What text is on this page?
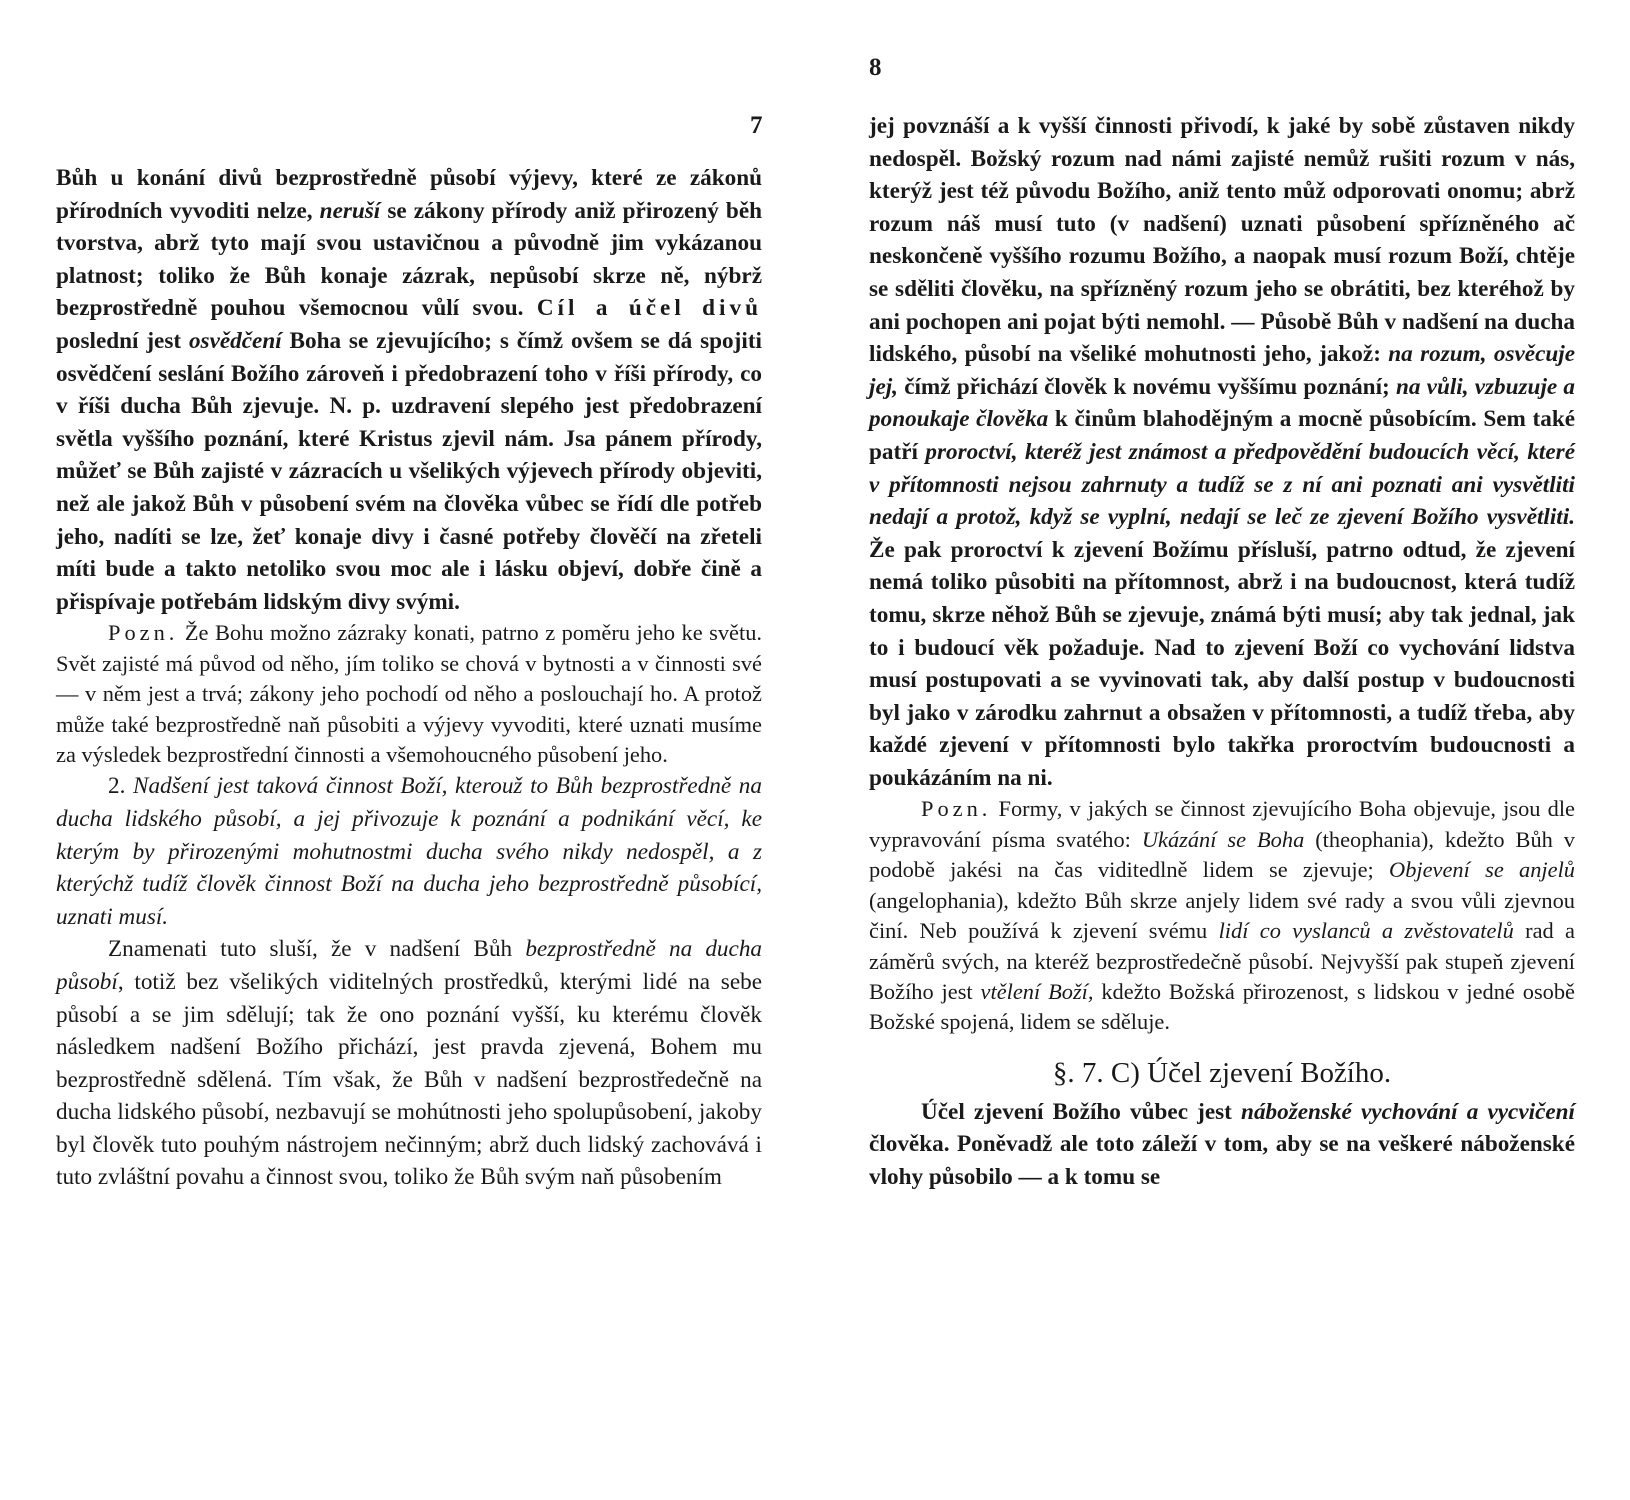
7

Bůh u konání divů bezprostředně působí výjevy, které ze zákonů přírodních vyvoditi nelze, neruší se zákony přírody aniž přirozený běh tvorstva, abrž tyto mají svou ustavičnou a původně jim vykázanou platnost; toliko že Bůh konaje zázrak, nepůsobí skrze ně, nýbrž bezprostředně pouhou všemocnou vůlí svou. Cíl a účel divů poslední jest osvědčení Boha se zjevujícího; s čímž ovšem se dá spojiti osvědčení seslání Božího zároveň i předobrazení toho v říši přírody, co v říši ducha Bůh zjevuje. N. p. uzdravení slepého jest předobrazení světla vyššího poznání, které Kristus zjevil nám. Jsa pánem přírody, můžeť se Bůh zajisté v zázracích u všelikých výjevech přírody objeviti, než ale jakož Bůh v působení svém na člověka vůbec se řídí dle potřeb jeho, nadíti se lze, žeť konaje divy i časné potřeby člověčí na zřeteli míti bude a takto netoliko svou moc ale i lásku objeví, dobře čině a přispívaje potřebám lidským divy svými.

Pozn. Že Bohu možno zázraky konati, patrno z poměru jeho ke světu. Svět zajisté má původ od něho, jím toliko se chová v bytnosti a v činnosti své — v něm jest a trvá; zákony jeho pochodí od něho a poslouchají ho. A protož může také bezprostředně naň působiti a výjevy vyvoditi, které uznati musíme za výsledek bezprostřední činnosti a všemohoucného působení jeho.

2. Nadšení jest taková činnost Boží, kterouž to Bůh bezprostředně na ducha lidského působí, a jej přivozuje k poznání a podnikání věcí, ke kterým by přirozenými mohutnostmi ducha svého nikdy nedospěl, a z kterýchž tudíž člověk činnost Boží na ducha jeho bezprostředně působící, uznati musí.

Znamenati tuto sluší, že v nadšení Bůh bezprostředně na ducha působí, totiž bez všelikých viditelných prostředků, kterými lidé na sebe působí a se jim sdělují; tak že ono poznání vyšší, ku kterému člověk následkem nadšení Božího přichází, jest pravda zjevená, Bohem mu bezprostředně sdělená. Tím však, že Bůh v nadšení bezprostředečně na ducha lidského působí, nezbavují se mohútnosti jeho spolupůsobení, jakoby byl člověk tuto pouhým nástrojem nečinným; abrž duch lidský zachovává i tuto zvláštní povahu a činnost svou, toliko že Bůh svým naň působením

8

jej povznáší a k vyšší činnosti přivodí, k jaké by sobě zůstaven nikdy nedospěl. Božský rozum nad námi zajisté nemůž rušiti rozum v nás, kterýž jest též původu Božího, aniž tento můž odporovati onomu; abrž rozum náš musí tuto (v nadšení) uznati působení spřízněného ač neskončeně vyššího rozumu Božího, a naopak musí rozum Boží, chtěje se sděliti člověku, na spřízněný rozum jeho se obrátiti, bez kteréhož by ani pochopen ani pojat býti nemohl. — Působě Bůh v nadšení na ducha lidského, působí na všeliké mohutnosti jeho, jakož: na rozum, osvěcuje jej, čímž přichází člověk k novému vyššímu poznání; na vůli, vzbuzuje a ponoukaje člověka k činům blahodějným a mocně působícím. Sem také patří proroctví, kteréž jest známost a předpovědění budoucích věcí, které v přítomnosti nejsou zahrnuty a tudíž se z ní ani poznati ani vysvětliti nedají a protož, když se vyplní, nedají se leč ze zjevení Božího vysvětliti. Že pak proroctví k zjevení Božímu přísluší, patrno odtud, že zjevení nemá toliko působiti na přítomnost, abrž i na budoucnost, která tudíž tomu, skrze něhož Bůh se zjevuje, známá býti musí; aby tak jednal, jak to i budoucí věk požaduje. Nad to zjevení Boží co vychování lidstva musí postupovati a se vyvinovati tak, aby další postup v budoucnosti byl jako v zárodku zahrnut a obsažen v přítomnosti, a tudíž třeba, aby každé zjevení v přítomnosti bylo takřka proroctvím budoucnosti a poukázáním na ni.

Pozn. Formy, v jakých se činnost zjevujícího Boha objevuje, jsou dle vypravování písma svatého: Ukázání se Boha (theophania), kdežto Bůh v podobě jakési na čas viditedlně lidem se zjevuje; Objevení se anjelů (angelophania), kdežto Bůh skrze anjely lidem své rady a svou vůli zjevnou činí. Neb používá k zjevení svému lidí co vyslanců a zvěstovatelů rad a záměrů svých, na kteréž bezprostředečně působí. Nejvyšší pak stupeň zjevení Božího jest vtělení Boží, kdežto Božská přirozenost, s lidskou v jedné osobě Božské spojená, lidem se sděluje.

§. 7. C) Účel zjevení Božího.

Účel zjevení Božího vůbec jest náboženské vychování a vycvičení člověka. Poněvadž ale toto záleží v tom, aby se na veškeré náboženské vlohy působilo — a k tomu se
